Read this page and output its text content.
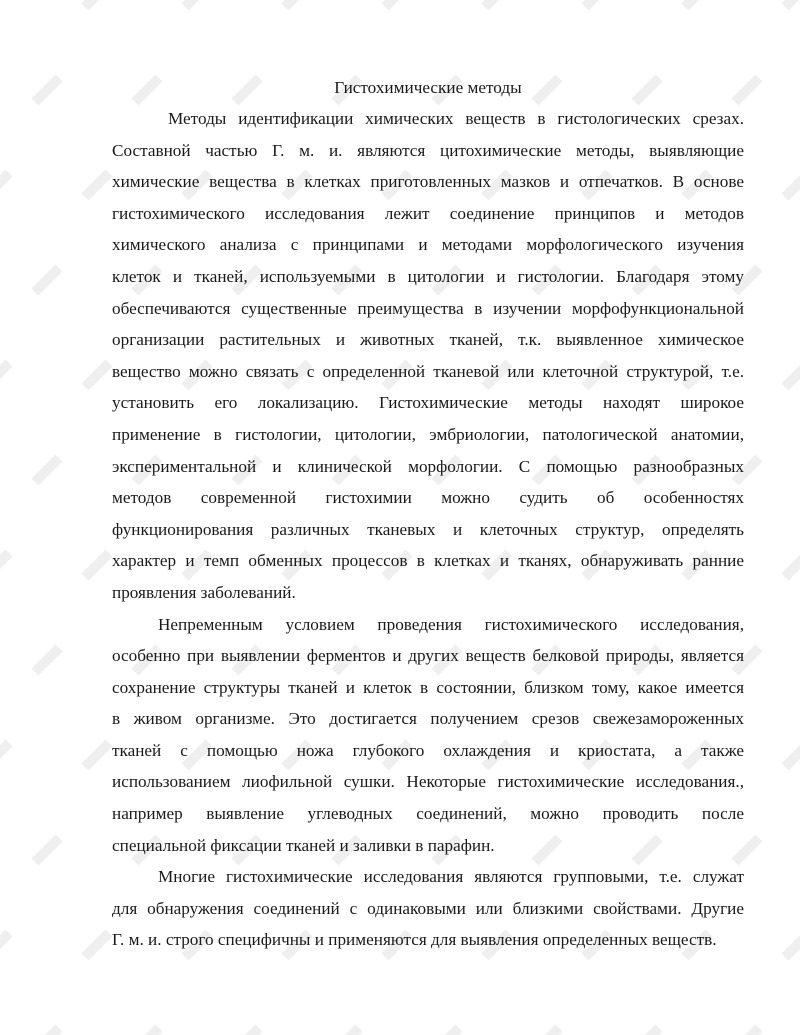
Гистохимические методы
Методы идентификации химических веществ в гистологических срезах.
Составной частью Г. м. и. являются цитохимические методы, выявляющие
химические вещества в клетках приготовленных мазков и отпечатков. В основе
гистохимического исследования лежит соединение принципов и методов
химического анализа с принципами и методами морфологического изучения
клеток и тканей, используемыми в цитологии и гистологии. Благодаря этому
обеспечиваются существенные преимущества в изучении морфофункциональной
организации растительных и животных тканей, т.к. выявленное химическое
вещество можно связать с определенной тканевой или клеточной структурой, т.е.
установить его локализацию. Гистохимические методы находят широкое
применение в гистологии, цитологии, эмбриологии, патологической анатомии,
экспериментальной и клинической морфологии. С помощью разнообразных
методов современной гистохимии можно судить об особенностях
функционирования различных тканевых и клеточных структур, определять
характер и темп обменных процессов в клетках и тканях, обнаруживать ранние
проявления заболеваний.
Непременным условием проведения гистохимического исследования,
особенно при выявлении ферментов и других веществ белковой природы, является
сохранение структуры тканей и клеток в состоянии, близком тому, какое имеется
в живом организме. Это достигается получением срезов свежезамороженных
тканей с помощью ножа глубокого охлаждения и криостата, а также
использованием лиофильной сушки. Некоторые гистохимические исследования.,
например выявление углеводных соединений, можно проводить после
специальной фиксации тканей и заливки в парафин.
Многие гистохимические исследования являются групповыми, т.е. служат
для обнаружения соединений с одинаковыми или близкими свойствами. Другие
Г. м. и. строго специфичны и применяются для выявления определенных веществ.
